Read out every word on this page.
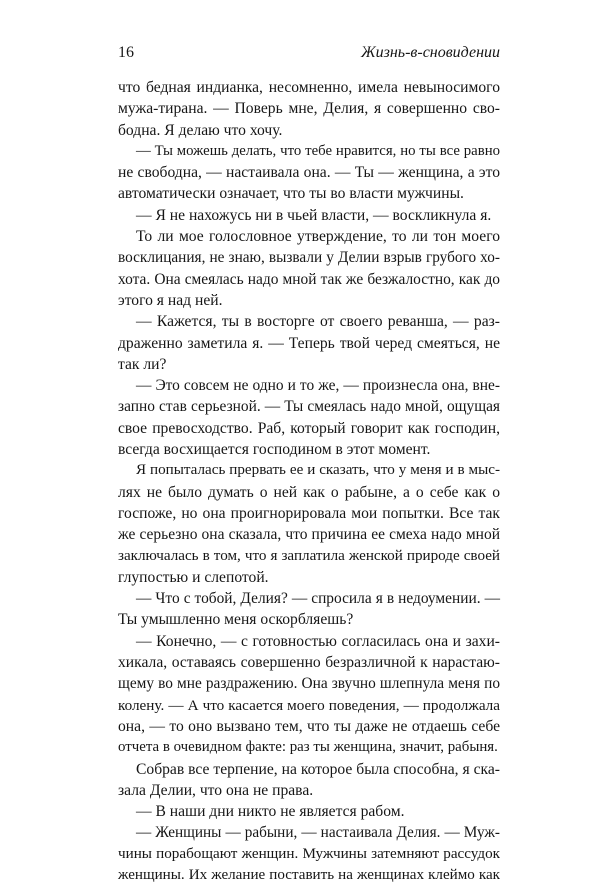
16	Жизнь-в-сновидении
что бедная индианка, несомненно, имела невыносимого
мужа-тирана. — Поверь мне, Делия, я совершенно сво-
бодна. Я делаю что хочу.
— Ты можешь делать, что тебе нравится, но ты все равно
не свободна, — настаивала она. — Ты — женщина, а это
автоматически означает, что ты во власти мужчины.
— Я не нахожусь ни в чьей власти, — воскликнула я.
То ли мое голословное утверждение, то ли тон моего
восклицания, не знаю, вызвали у Делии взрыв грубого хо-
хота. Она смеялась надо мной так же безжалостно, как до
этого я над ней.
— Кажется, ты в восторге от своего реванша, — раз-
драженно заметила я. — Теперь твой черед смеяться, не
так ли?
— Это совсем не одно и то же, — произнесла она, вне-
запно став серьезной. — Ты смеялась надо мной, ощущая
свое превосходство. Раб, который говорит как господин,
всегда восхищается господином в этот момент.
Я попыталась прервать ее и сказать, что у меня и в мыс-
лях не было думать о ней как о рабыне, а о себе как о
госпоже, но она проигнорировала мои попытки. Все так
же серьезно она сказала, что причина ее смеха надо мной
заключалась в том, что я заплатила женской природе своей
глупостью и слепотой.
— Что с тобой, Делия? — спросила я в недоумении. —
Ты умышленно меня оскорбляешь?
— Конечно, — с готовностью согласилась она и захи-
хикала, оставаясь совершенно безразличной к нарастаю-
щему во мне раздражению. Она звучно шлепнула меня по
колену. — А что касается моего поведения, — продолжала
она, — то оно вызвано тем, что ты даже не отдаешь себе
отчета в очевидном факте: раз ты женщина, значит, рабыня.
Собрав все терпение, на которое была способна, я ска-
зала Делии, что она не права.
— В наши дни никто не является рабом.
— Женщины — рабыни, — настаивала Делия. — Муж-
чины порабощают женщин. Мужчины затемняют рассудок
женщины. Их желание поставить на женщинах клеймо как
